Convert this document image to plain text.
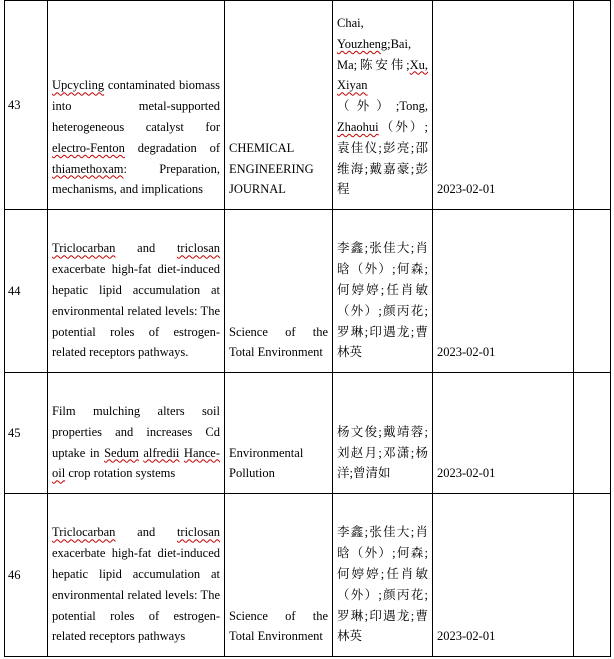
43	Upcycling contaminated biomass into metal-supported heterogeneous catalyst for electro-Fenton degradation of thiamethoxam: Preparation, mechanisms, and implications	CHEMICAL ENGINEERING JOURNAL	Chai, Youzheng;Bai, Ma;陈安伟;Xu, Xiyan（外）;Tong, Zhaohui（外）;袁佳仪;彭亮;邵维海;戴嘉豪;彭程	2023-02-01	
44	Triclocarban and triclosan exacerbate high-fat diet-induced hepatic lipid accumulation at environmental related levels: The potential roles of estrogen-related receptors pathways.	Science of the Total Environment	李鑫;张佳大;肖晗（外）;何森;何婷婷;任肖敏（外）;颜丙花;罗琳;印遇龙;曹林英	2023-02-01	
45	Film mulching alters soil properties and increases Cd uptake in Sedum alfredii Hance-oil crop rotation systems	Environmental Pollution	杨文俊;戴靖蓉;刘赵月;邓潇;杨洋;曾清如	2023-02-01	
46	Triclocarban and triclosan exacerbate high-fat diet-induced hepatic lipid accumulation at environmental related levels: The potential roles of estrogen-related receptors pathways	Science of the Total Environment	李鑫;张佳大;肖晗（外）;何森;何婷婷;任肖敏（外）;颜丙花;罗琳;印遇龙;曹林英	2023-02-01	
